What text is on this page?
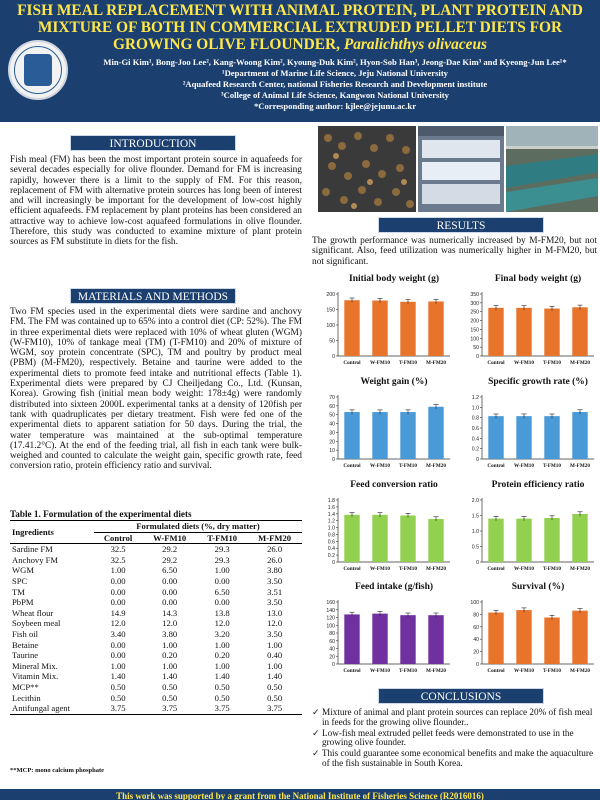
FISH MEAL REPLACEMENT WITH ANIMAL PROTEIN, PLANT PROTEIN AND
MIXTURE OF BOTH IN COMMERCIAL EXTRUDED PELLET DIETS FOR
GROWING OLIVE FLOUNDER, Paralichthys olivaceus
Min-Gi Kim¹, Bong-Joo Lee², Kang-Woong Kim², Kyoung-Duk Kim², Hyon-Sob Han³, Jeong-Dae Kim³ and Kyeong-Jun Lee¹*
¹Department of Marine Life Science, Jeju National University
²Aquafeed Research Center, national Fisheries Research and Development institute
³College of Animal Life Science, Kangwon National University
*Corresponding author: kjlee@jejunu.ac.kr
INTRODUCTION
Fish meal (FM) has been the most important protein source in aquafeeds for several decades especially for olive flounder. Demand for FM is increasing rapidly, however there is a limit to the supply of FM. For this reason, replacement of FM with alternative protein sources has long been of interest and will increasingly be important for the development of low-cost highly efficient aquafeeds. FM replacement by plant proteins has been considered an attractive way to achieve low-cost aquafeed formulations in olive flounder. Therefore, this study was conducted to examine mixture of plant protein sources as FM substitute in diets for the fish.
MATERIALS AND METHODS
Two FM species used in the experimental diets were sardine and anchovy FM. The FM was contained up to 65% into a control diet (CP: 52%). The FM in three experimental diets were replaced with 10% of wheat gluten (WGM) (W-FM10), 10% of tankage meal (TM) (T-FM10) and 20% of mixture of WGM, soy protein concentrate (SPC), TM and poultry by product meal (PBM) (M-FM20), respectively. Betaine and taurine were added to the experimental diets to promote feed intake and nutritional effects (Table 1). Experimental diets were prepared by CJ Cheiljedang Co., Ltd. (Kunsan, Korea). Growing fish (initial mean body weight: 178±4g) were randomly distributed into sixteen 2000L experimental tanks at a density of 120fish per tank with quadruplicates per dietary treatment. Fish were fed one of the experimental diets to apparent satiation for 50 days. During the trial, the water temperature was maintained at the sub-optimal temperature (17.41.2°C). At the end of the feeding trial, all fish in each tank were bulk-weighed and counted to calculate the weight gain, specific growth rate, feed conversion ratio, protein efficiency ratio and survival.
Table 1. Formulation of the experimental diets
Ingredients	Formulated diets (%, dry matter)			
	Control	W-FM10	T-FM10	M-FM20
Sardine FM	32.5	29.2	29.3	26.0
Anchovy FM	32.5	29.2	29.3	26.0
WGM	1.00	6.50	1.00	3.80
SPC	0.00	0.00	0.00	3.50
TM	0.00	0.00	6.50	3.51
PbPM	0.00	0.00	0.00	3.50
Wheat flour	14.9	14.3	13.8	13.0
Soybeen meal	12.0	12.0	12.0	12.0
Fish oil	3.40	3.80	3.20	3.50
Betaine	0.00	1.00	1.00	1.00
Taurine	0.00	0.20	0.20	0.40
Mineral Mix.	1.00	1.00	1.00	1.00
Vitamin Mix.	1.40	1.40	1.40	1.40
MCP**	0.50	0.50	0.50	0.50
Lecithin	0.50	0.50	0.50	0.50
Antifungal agent	3.75	3.75	3.75	3.75
**MCP: mono calcium phosphate
RESULTS
The growth performance was numerically increased by M-FM20, but not significant. Also, feed utilization was numerically higher in M-FM20, but not significant.
Initial body weight (g)
0
50
100
150
200
Control W-FM10 T-FM10 M-FM20
Final body weight (g)
0
50
100
150
200
250
300
350
Control W-FM10 T-FM10 M-FM20
Weight gain (%)
0
10
20
30
40
50
60
70
Control W-FM10 T-FM10 M-FM20
Specific growth rate (%)
0
0.2
0.4
0.6
0.8
1.0
1.2
Control W-FM10 T-FM10 M-FM20
Feed conversion ratio
0
0.2
0.4
0.6
0.8
1.0
1.2
1.4
1.6
1.8
Control W-FM10 T-FM10 M-FM20
Protein efficiency ratio
0
0.5
1.0
1.5
2.0
Control W-FM10 T-FM10 M-FM20
Feed intake (g/fish)
0
20
40
60
80
100
120
140
160
Control W-FM10 T-FM10 M-FM20
Survival (%)
0
20
40
60
80
100
Control W-FM10 T-FM10 M-FM20
CONCLUSIONS
✓ Mixture of animal and plant protein sources can replace 20% of fish meal in feeds for the growing olive flounder..
✓ Low-fish meal extruded pellet feeds were demonstrated to use in the growing olive founder.
✓ This could guarantee some economical benefits and make the aquaculture of the fish sustainable in South Korea.
This work was supported by a grant from the National Institute of Fisheries Science (R2016016)
